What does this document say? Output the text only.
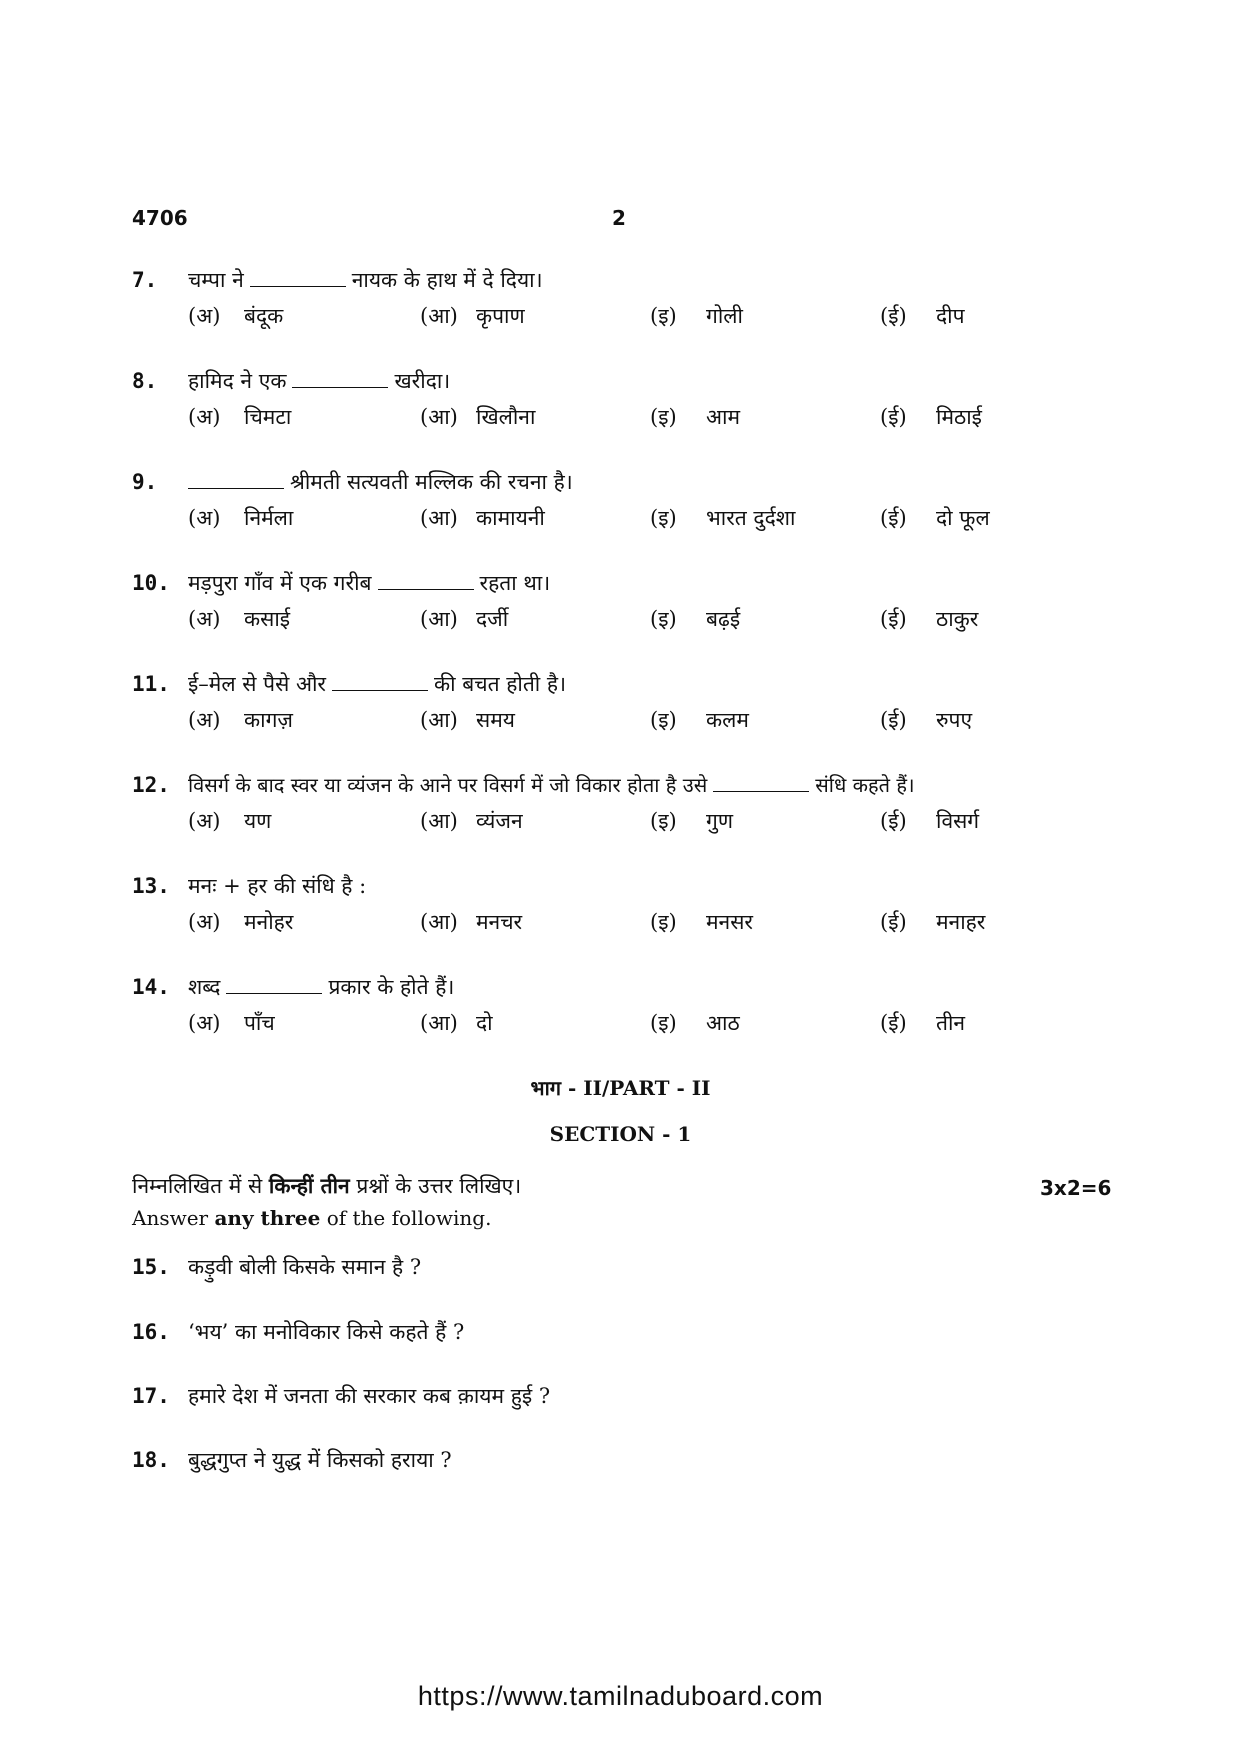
4706	2
7. चम्पा ने	नायक के हाथ में दे दिया।
(अ) बंदूक	(आ) कृपाण	(इ) गोली	(ई) दीप
8. हामिद ने एक	खरीदा।
(अ) चिमटा	(आ) खिलौना	(इ) आम	(ई) मिठाई
9.	श्रीमती सत्यवती मल्लिक की रचना है।
(अ) निर्मला	(आ) कामायनी	(इ) भारत दुर्दशा	(ई) दो फूल
10. मड़पुरा गाँव में एक गरीब	रहता था।
(अ) कसाई	(आ) दर्जी	(इ) बढ़ई	(ई) ठाकुर
11. ई–मेल से पैसे और	की बचत होती है।
(अ) कागज़	(आ) समय	(इ) कलम	(ई) रुपए
12. विसर्ग के बाद स्वर या व्यंजन के आने पर विसर्ग में जो विकार होता है उसे	संधि कहते हैं।
(अ) यण	(आ) व्यंजन	(इ) गुण	(ई) विसर्ग
13. मनः + हर की संधि है :
(अ) मनोहर	(आ) मनचर	(इ) मनसर	(ई) मनाहर
14. शब्द	प्रकार के होते हैं।
(अ) पाँच	(आ) दो	(इ) आठ	(ई) तीन
भाग - II/PART - II
SECTION - 1
निम्नलिखित में से किन्हीं तीन प्रश्नों के उत्तर लिखिए।
Answer any three of the following.
3x2=6
15. कड़ुवी बोली किसके समान है ?
16. ‘भय’ का मनोविकार किसे कहते हैं ?
17. हमारे देश में जनता की सरकार कब क़ायम हुई ?
18. बुद्धगुप्त ने युद्ध में किसको हराया ?
https://www.tamilnaduboard.com
